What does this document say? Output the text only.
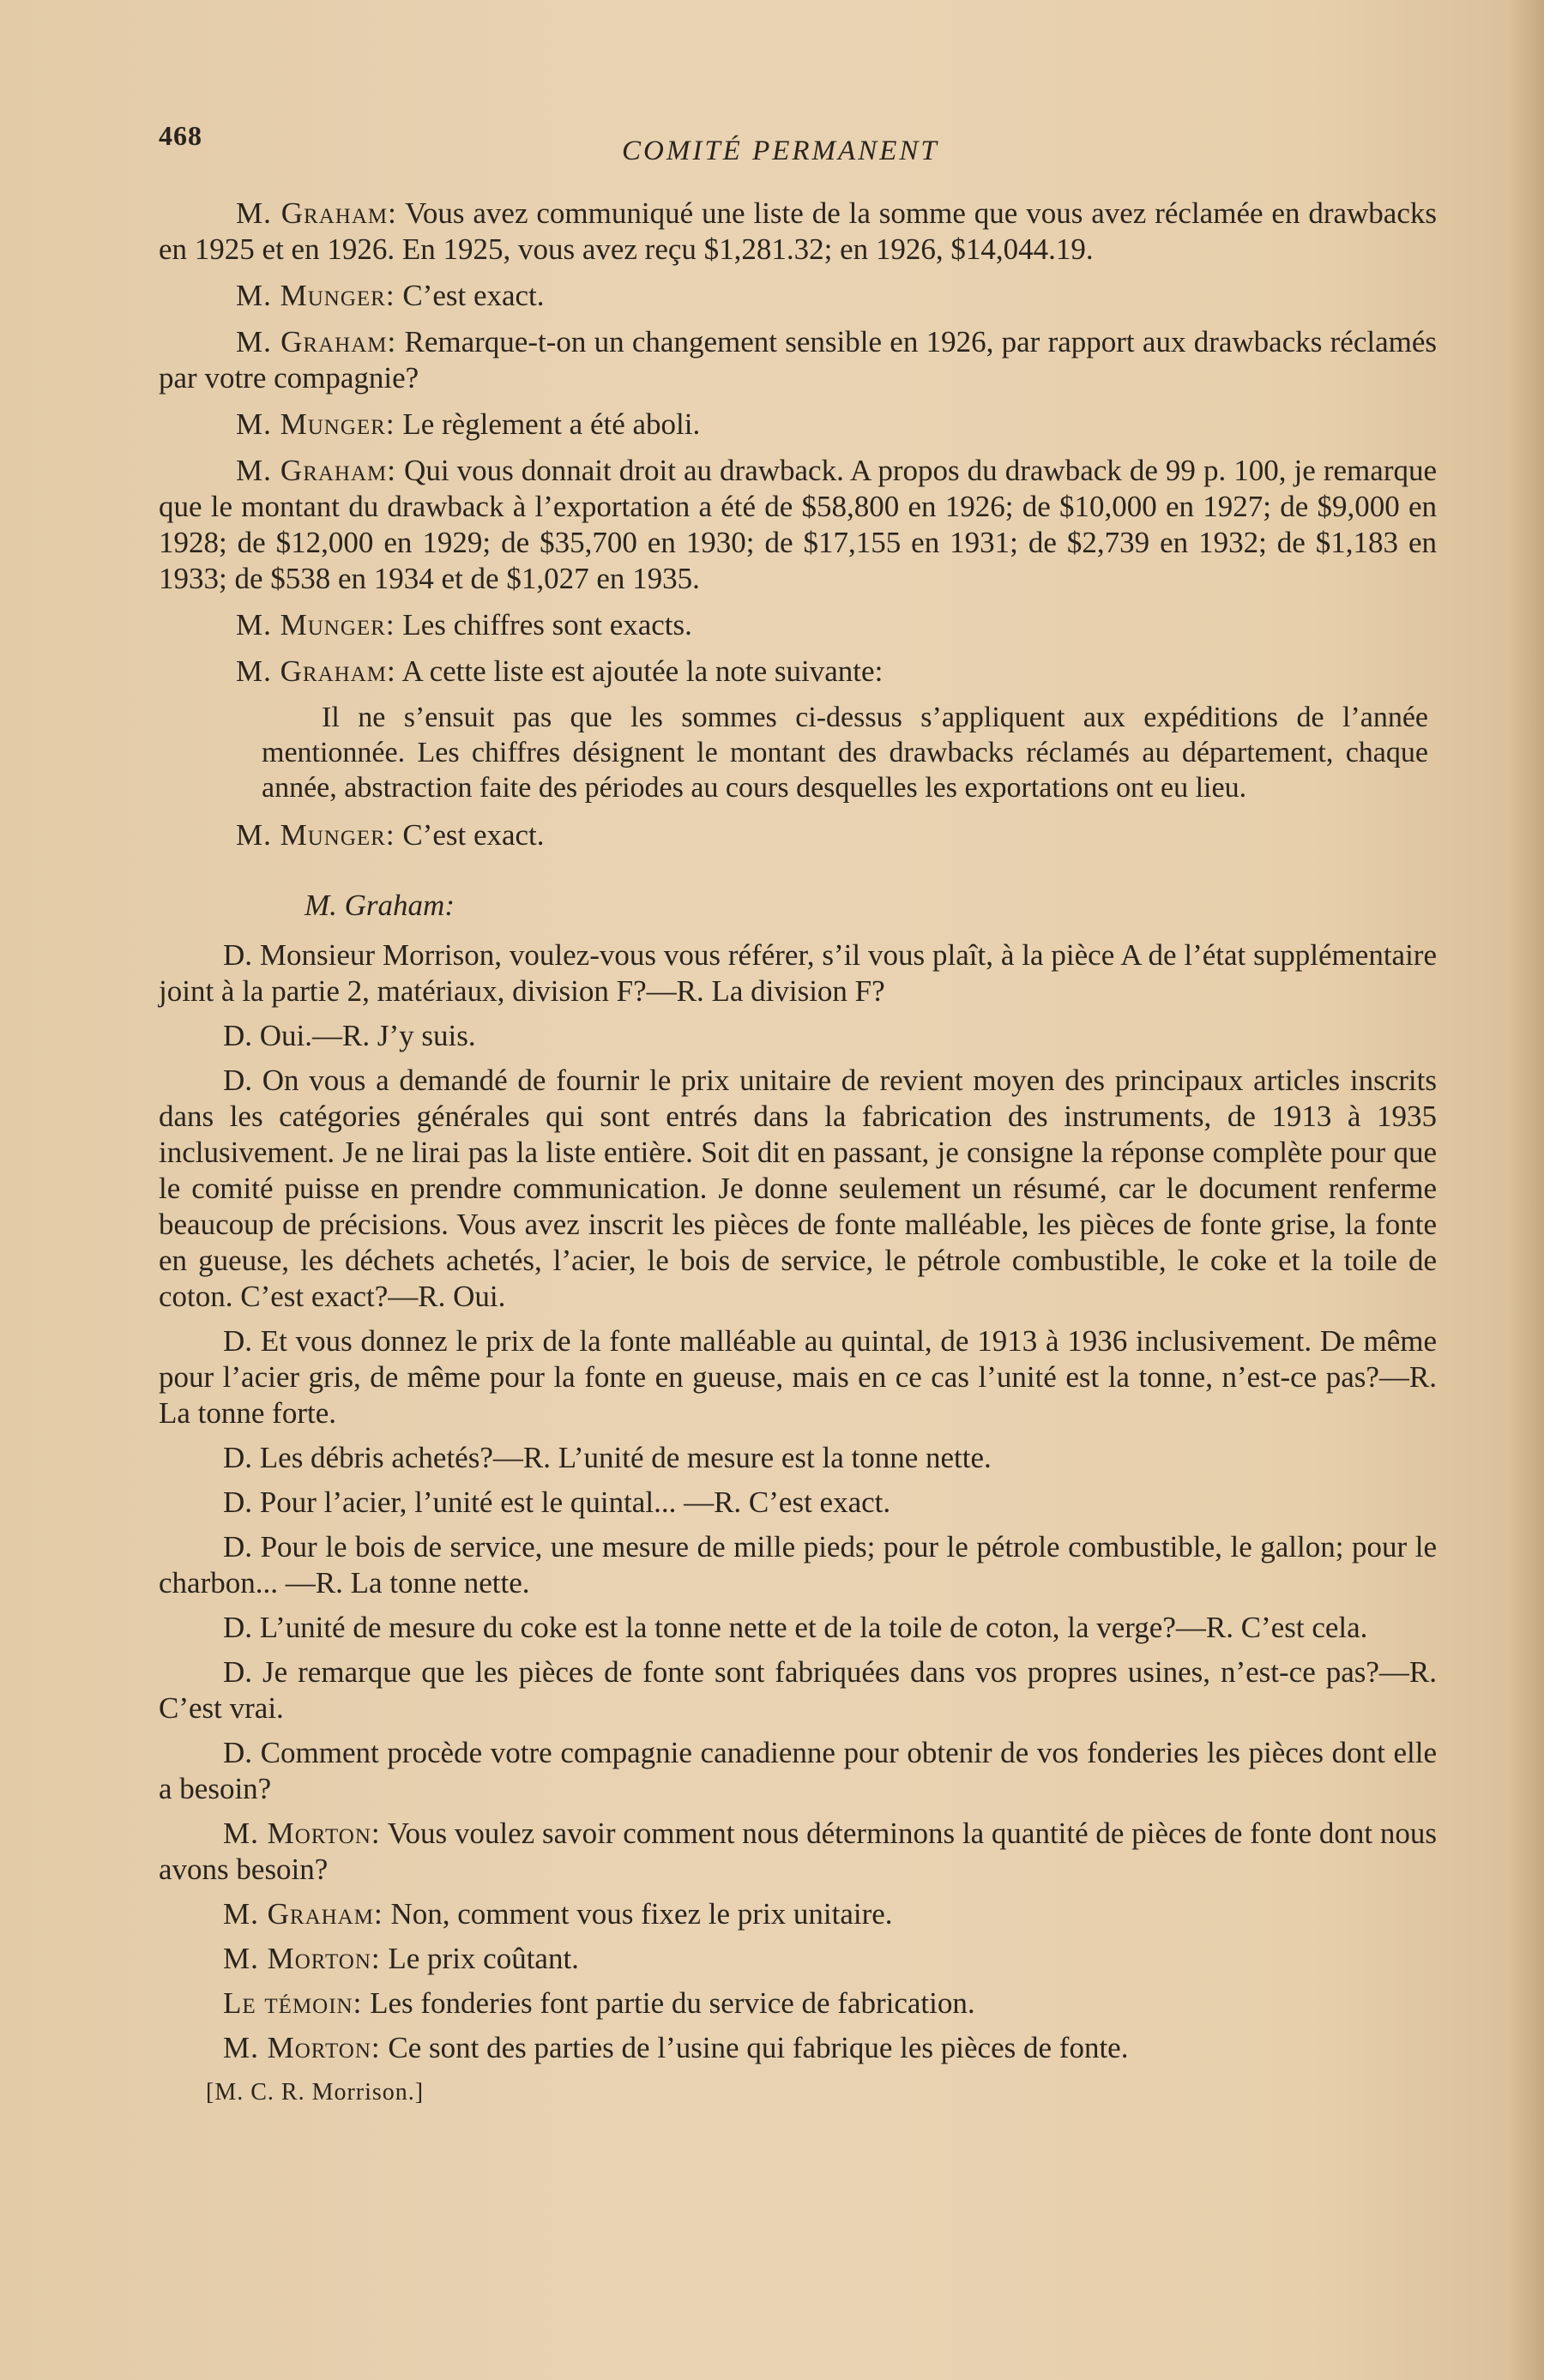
468	COMITÉ PERMANENT

M. Graham: Vous avez communiqué une liste de la somme que vous avez réclamée en drawbacks en 1925 et en 1926. En 1925, vous avez reçu $1,281.32; en 1926, $14,044.19.

M. Munger: C’est exact.

M. Graham: Remarque-t-on un changement sensible en 1926, par rapport aux drawbacks réclamés par votre compagnie?

M. Munger: Le règlement a été aboli.

M. Graham: Qui vous donnait droit au drawback. A propos du drawback de 99 p. 100, je remarque que le montant du drawback à l’exportation a été de $58,800 en 1926; de $10,000 en 1927; de $9,000 en 1928; de $12,000 en 1929; de $35,700 en 1930; de $17,155 en 1931; de $2,739 en 1932; de $1,183 en 1933; de $538 en 1934 et de $1,027 en 1935.

M. Munger: Les chiffres sont exacts.

M. Graham: A cette liste est ajoutée la note suivante:

Il ne s’ensuit pas que les sommes ci-dessus s’appliquent aux expéditions de l’année mentionnée. Les chiffres désignent le montant des drawbacks réclamés au département, chaque année, abstraction faite des périodes au cours desquelles les exportations ont eu lieu.

M. Munger: C’est exact.

M. Graham:

D. Monsieur Morrison, voulez-vous vous référer, s’il vous plaît, à la pièce A de l’état supplémentaire joint à la partie 2, matériaux, division F?—R. La division F?

D. Oui.—R. J’y suis.

D. On vous a demandé de fournir le prix unitaire de revient moyen des principaux articles inscrits dans les catégories générales qui sont entrés dans la fabrication des instruments, de 1913 à 1935 inclusivement. Je ne lirai pas la liste entière. Soit dit en passant, je consigne la réponse complète pour que le comité puisse en prendre communication. Je donne seulement un résumé, car le document renferme beaucoup de précisions. Vous avez inscrit les pièces de fonte malléable, les pièces de fonte grise, la fonte en gueuse, les déchets achetés, l’acier, le bois de service, le pétrole combustible, le coke et la toile de coton. C’est exact?—R. Oui.

D. Et vous donnez le prix de la fonte malléable au quintal, de 1913 à 1936 inclusivement. De même pour l’acier gris, de même pour la fonte en gueuse, mais en ce cas l’unité est la tonne, n’est-ce pas?—R. La tonne forte.

D. Les débris achetés?—R. L’unité de mesure est la tonne nette.

D. Pour l’acier, l’unité est le quintal... —R. C’est exact.

D. Pour le bois de service, une mesure de mille pieds; pour le pétrole combustible, le gallon; pour le charbon... —R. La tonne nette.

D. L’unité de mesure du coke est la tonne nette et de la toile de coton, la verge?—R. C’est cela.

D. Je remarque que les pièces de fonte sont fabriquées dans vos propres usines, n’est-ce pas?—R. C’est vrai.

D. Comment procède votre compagnie canadienne pour obtenir de vos fonderies les pièces dont elle a besoin?

M. Morton: Vous voulez savoir comment nous déterminons la quantité de pièces de fonte dont nous avons besoin?

M. Graham: Non, comment vous fixez le prix unitaire.

M. Morton: Le prix coûtant.

Le témoin: Les fonderies font partie du service de fabrication.

M. Morton: Ce sont des parties de l’usine qui fabrique les pièces de fonte.

[M. C. R. Morrison.]
